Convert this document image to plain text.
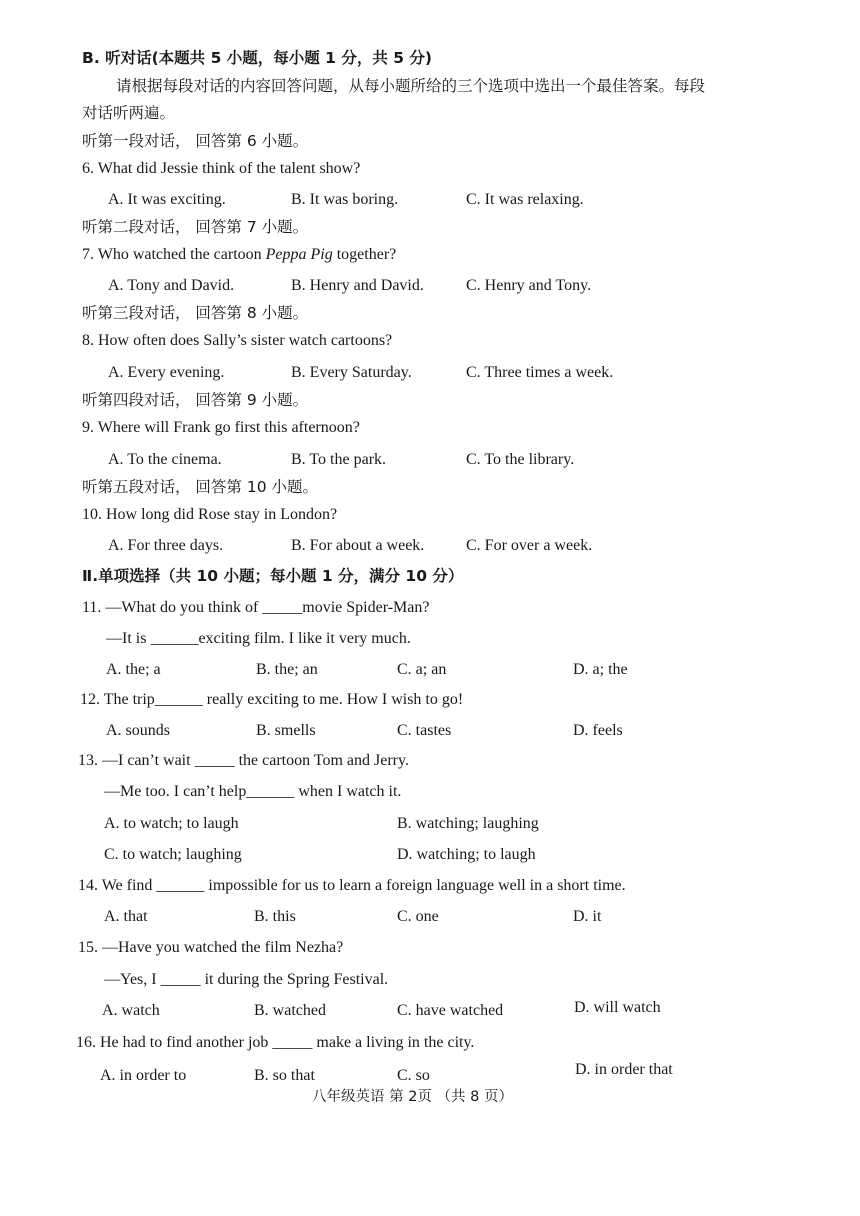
B. 听对话(本题共 5 小题，每小题 1 分，共 5 分)
请根据每段对话的内容回答问题，从每小题所给的三个选项中选出一个最佳答案。每段
对话听两遍。
听第一段对话， 回答第 6 小题。
6. What did Jessie think of the talent show?
A. It was exciting.	B. It was boring.	C. It was relaxing.
听第二段对话， 回答第 7 小题。
7. Who watched the cartoon Peppa Pig together?
A. Tony and David.	B. Henry and David.	C. Henry and Tony.
听第三段对话， 回答第 8 小题。
8. How often does Sally’s sister watch cartoons?
A. Every evening.	B. Every Saturday.	C. Three times a week.
听第四段对话， 回答第 9 小题。
9. Where will Frank go first this afternoon?
A. To the cinema.	B. To the park.	C. To the library.
听第五段对话， 回答第 10 小题。
10. How long did Rose stay in London?
A. For three days.	B. For about a week.	C. For over a week.
Ⅱ.单项选择（共 10 小题；每小题 1 分，满分 10 分）
11. —What do you think of _____movie Spider-Man?
—It is ______exciting film. I like it very much.
A. the; a	B. the; an	C. a; an	D. a; the
12. The trip______ really exciting to me. How I wish to go!
A. sounds	B. smells	C. tastes	D. feels
13. —I can’t wait _____ the cartoon Tom and Jerry.
—Me too. I can’t help______ when I watch it.
A. to watch; to laugh	B. watching; laughing
C. to watch; laughing	D. watching; to laugh
14. We find ______ impossible for us to learn a foreign language well in a short time.
A. that	B. this	C. one	D. it
15. —Have you watched the film Nezha?
—Yes, I _____ it during the Spring Festival.
A. watch	B. watched	C. have watched	D. will watch
16. He had to find another job _____ make a living in the city.
A. in order to	B. so that	C. so	D. in order that
八年级英语 第 2页 （共 8 页）
